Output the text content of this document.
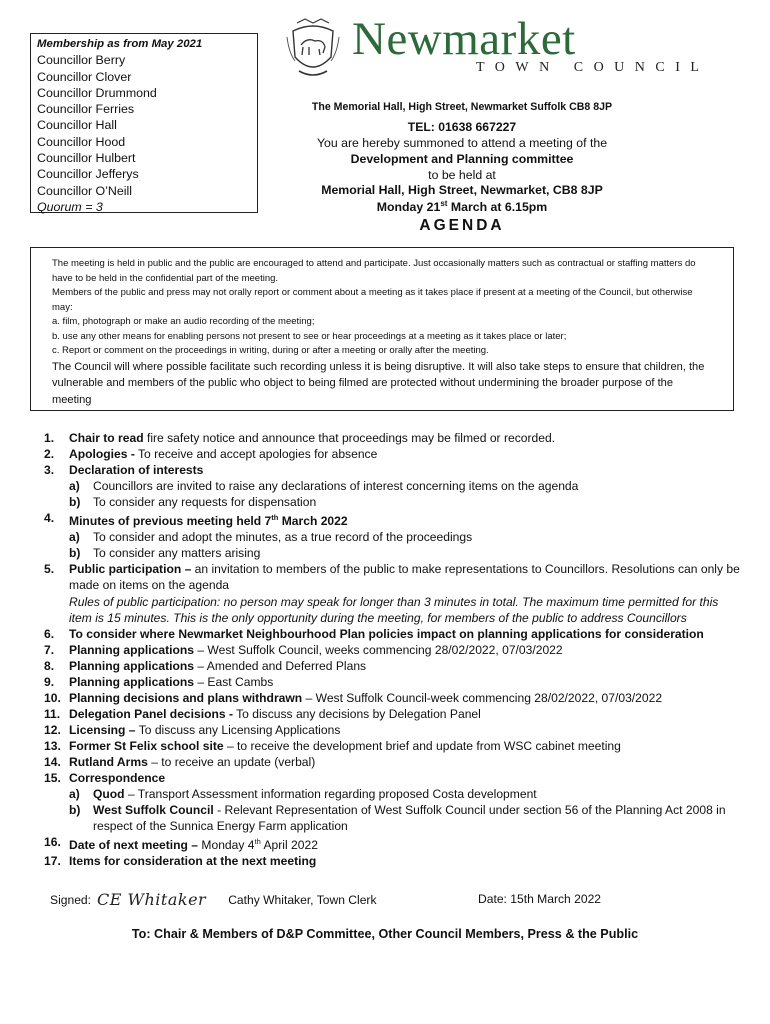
Membership as from May 2021
Councillor Berry
Councillor Clover
Councillor Drummond
Councillor Ferries
Councillor Hall
Councillor Hood
Councillor Hulbert
Councillor Jefferys
Councillor O’Neill
Quorum = 3
Newmarket
TOWN COUNCIL
The Memorial Hall, High Street, Newmarket Suffolk CB8 8JP
TEL: 01638 667227
You are hereby summoned to attend a meeting of the
Development and Planning committee
to be held at
Memorial Hall, High Street, Newmarket, CB8 8JP
Monday 21st March at 6.15pm
AGENDA
The meeting is held in public and the public are encouraged to attend and participate. Just occasionally matters such as contractual or staffing matters do have to be held in the confidential part of the meeting.
Members of the public and press may not orally report or comment about a meeting as it takes place if present at a meeting of the Council, but otherwise may:
a. film, photograph or make an audio recording of the meeting;
b. use any other means for enabling persons not present to see or hear proceedings at a meeting as it takes place or later;
c. Report or comment on the proceedings in writing, during or after a meeting or orally after the meeting.
The Council will where possible facilitate such recording unless it is being disruptive. It will also take steps to ensure that children, the vulnerable and members of the public who object to being filmed are protected without undermining the broader purpose of the meeting
1.	Chair to read fire safety notice and announce that proceedings may be filmed or recorded.
2.	Apologies - To receive and accept apologies for absence
3.	Declaration of interests
a)	Councillors are invited to raise any declarations of interest concerning items on the agenda
b)	To consider any requests for dispensation
4.	Minutes of previous meeting held 7th March 2022
a)	To consider and adopt the minutes, as a true record of the proceedings
b)	To consider any matters arising
5.	Public participation – an invitation to members of the public to make representations to Councillors. Resolutions can only be made on items on the agenda
Rules of public participation: no person may speak for longer than 3 minutes in total. The maximum time permitted for this item is 15 minutes. This is the only opportunity during the meeting, for members of the public to address Councillors
6.	To consider where Newmarket Neighbourhood Plan policies impact on planning applications for consideration
7.	Planning applications – West Suffolk Council, weeks commencing 28/02/2022, 07/03/2022
8.	Planning applications – Amended and Deferred Plans
9.	Planning applications – East Cambs
10. Planning decisions and plans withdrawn – West Suffolk Council-week commencing 28/02/2022, 07/03/2022
11. Delegation Panel decisions - To discuss any decisions by Delegation Panel
12. Licensing – To discuss any Licensing Applications
13. Former St Felix school site – to receive the development brief and update from WSC cabinet meeting
14. Rutland Arms – to receive an update (verbal)
15. Correspondence
a)	Quod – Transport Assessment information regarding proposed Costa development
b)	West Suffolk Council - Relevant Representation of West Suffolk Council under section 56 of the Planning Act 2008 in respect of the Sunnica Energy Farm application
16. Date of next meeting – Monday 4th April 2022
17. Items for consideration at the next meeting
Signed: CE Whitaker Cathy Whitaker, Town Clerk	Date: 15th March 2022
To: Chair & Members of D&P Committee, Other Council Members, Press & the Public
